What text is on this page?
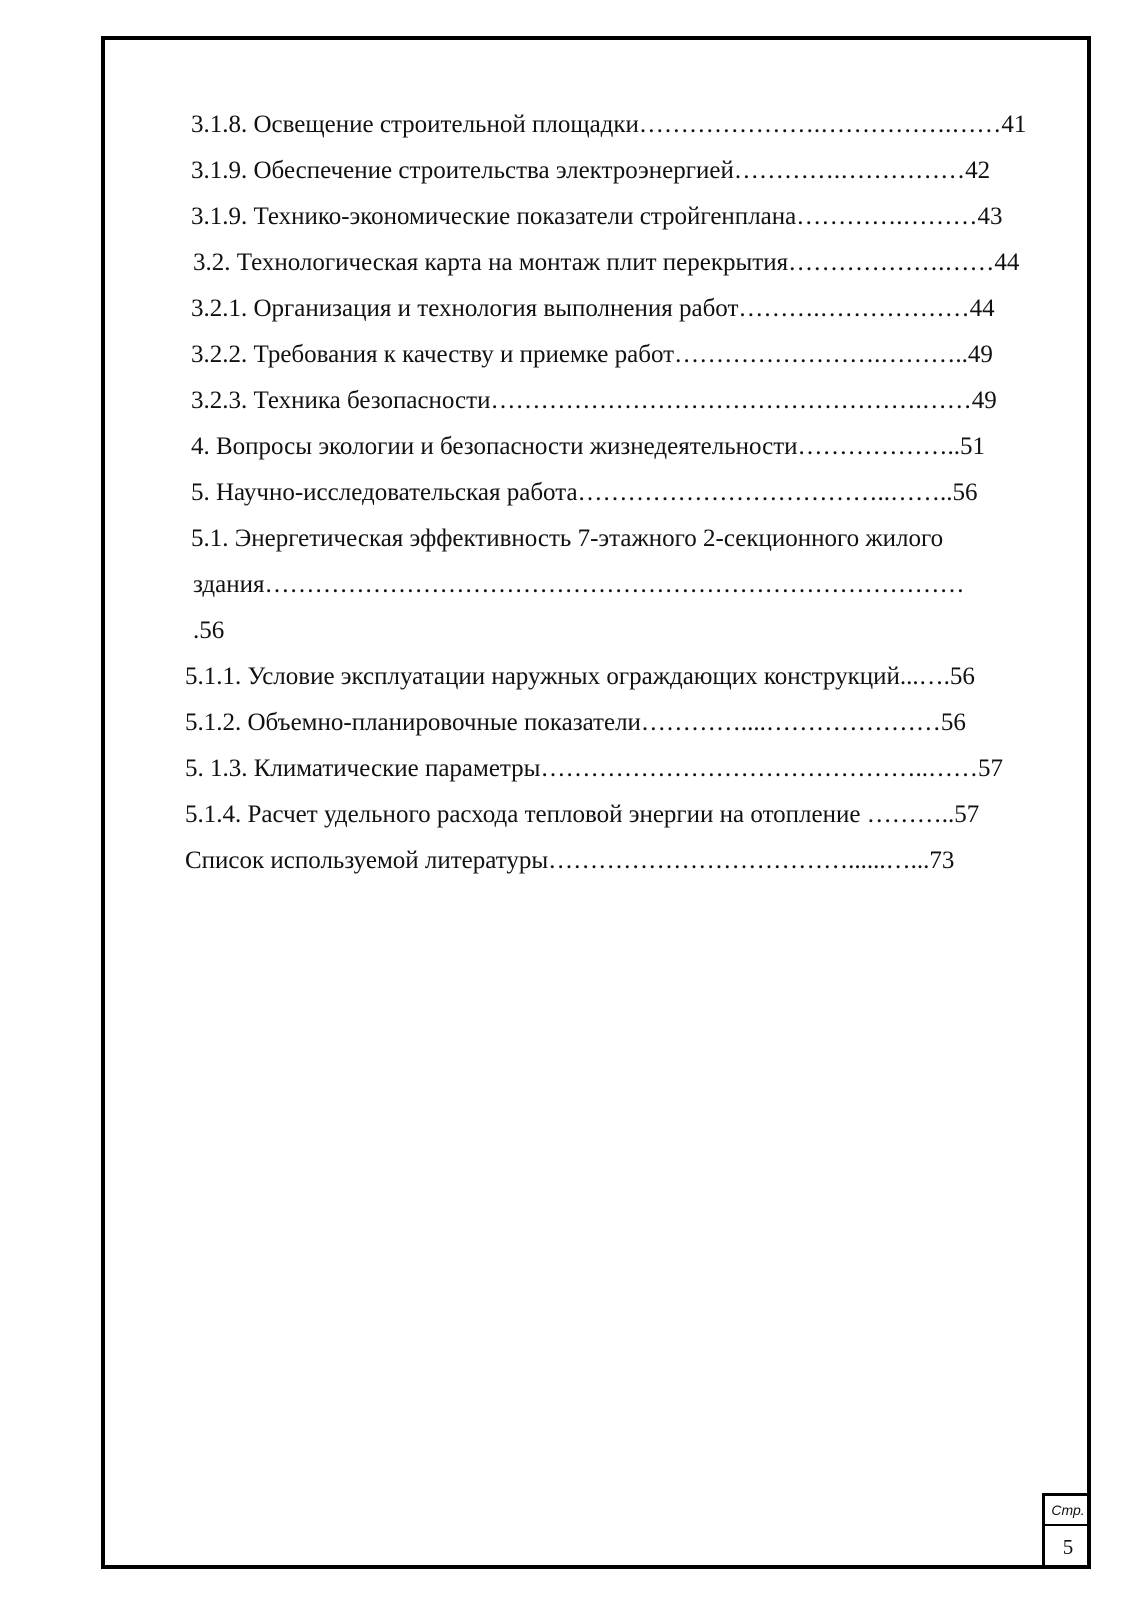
3.1.8. Освещение строительной площадки………………….…………….……41
3.1.9. Обеспечение строительства электроэнергией………….……………42
3.1.9. Технико-экономические показатели стройгенплана………….………43
3.2. Технологическая карта на монтаж плит перекрытия……………….……44
3.2.1. Организация и технология выполнения работ……….………………44
3.2.2. Требования к качеству и приемке работ…………………….………..49
3.2.3. Техника безопасности…………………………………………….……49
4. Вопросы экологии и безопасности жизнедеятельности………………..51
5. Научно-исследовательская работа………………………………..……..56
5.1. Энергетическая эффективность 7-этажного 2-секционного жилого
здания…………………………………………………………………………
.56
5.1.1. Условие эксплуатации наружных ограждающих конструкций...….56
5.1.2. Объемно-планировочные показатели…………....…………………56
5. 1.3. Климатические параметры………………………………………..……57
5.1.4. Расчет удельного расхода тепловой энергии на отопление ………..57
Список используемой литературы………………………………......…...73
Стр.
5
